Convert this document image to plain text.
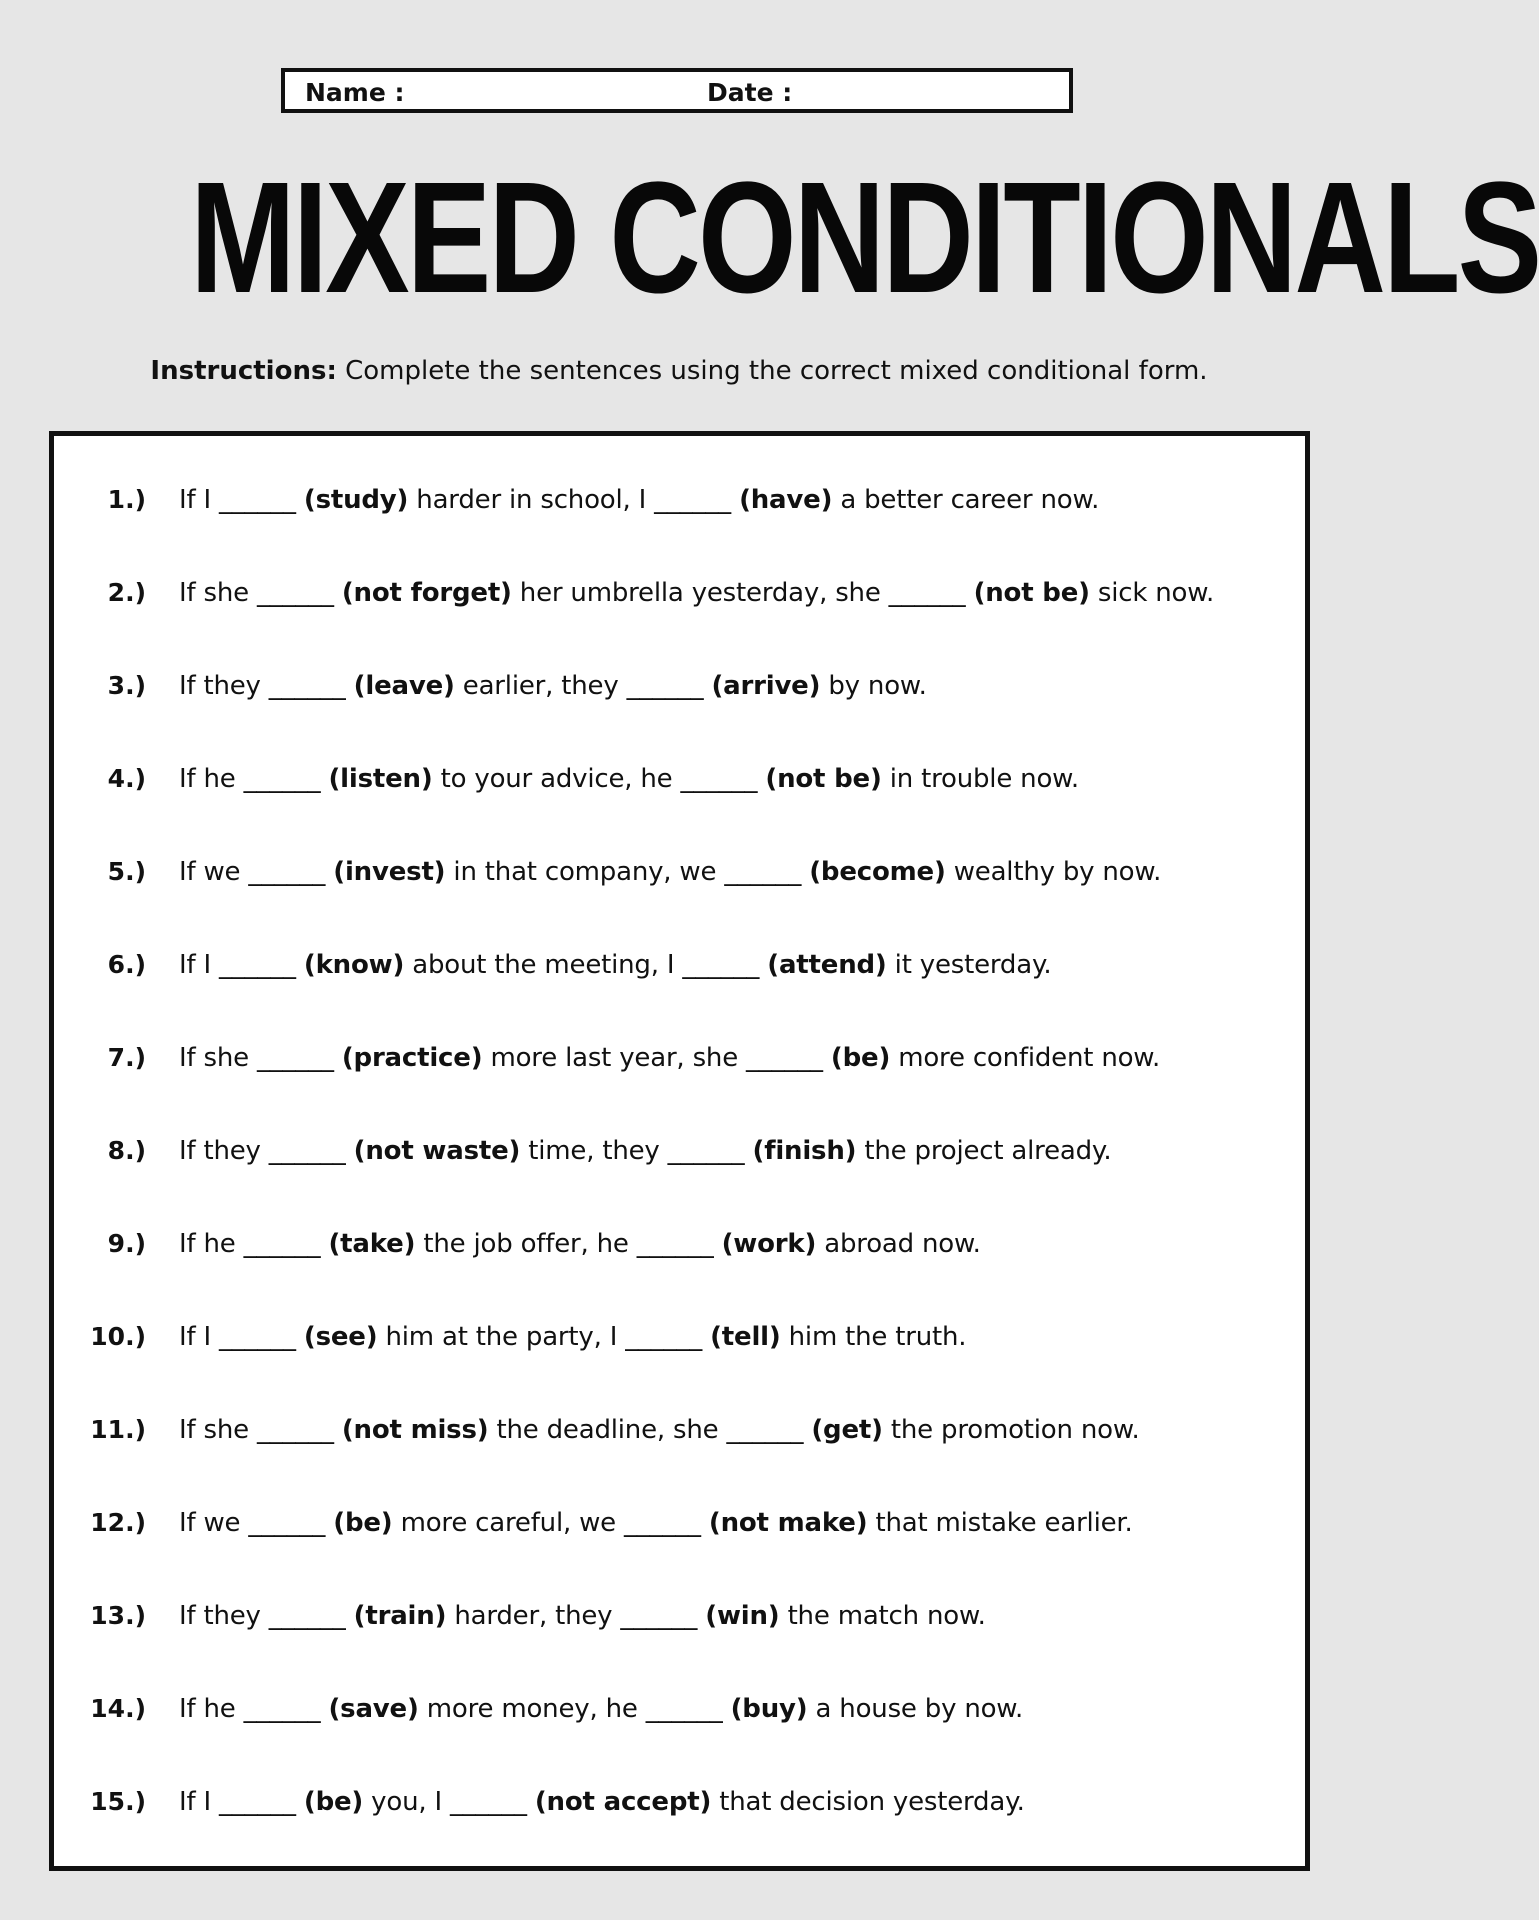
Name :	Date :
MIXED CONDITIONALS
Instructions: Complete the sentences using the correct mixed conditional form.
1.) If I ______ (study) harder in school, I ______ (have) a better career now.
2.) If she ______ (not forget) her umbrella yesterday, she ______ (not be) sick now.
3.) If they ______ (leave) earlier, they ______ (arrive) by now.
4.) If he ______ (listen) to your advice, he ______ (not be) in trouble now.
5.) If we ______ (invest) in that company, we ______ (become) wealthy by now.
6.) If I ______ (know) about the meeting, I ______ (attend) it yesterday.
7.) If she ______ (practice) more last year, she ______ (be) more confident now.
8.) If they ______ (not waste) time, they ______ (finish) the project already.
9.) If he ______ (take) the job offer, he ______ (work) abroad now.
10.) If I ______ (see) him at the party, I ______ (tell) him the truth.
11.) If she ______ (not miss) the deadline, she ______ (get) the promotion now.
12.) If we ______ (be) more careful, we ______ (not make) that mistake earlier.
13.) If they ______ (train) harder, they ______ (win) the match now.
14.) If he ______ (save) more money, he ______ (buy) a house by now.
15.) If I ______ (be) you, I ______ (not accept) that decision yesterday.
